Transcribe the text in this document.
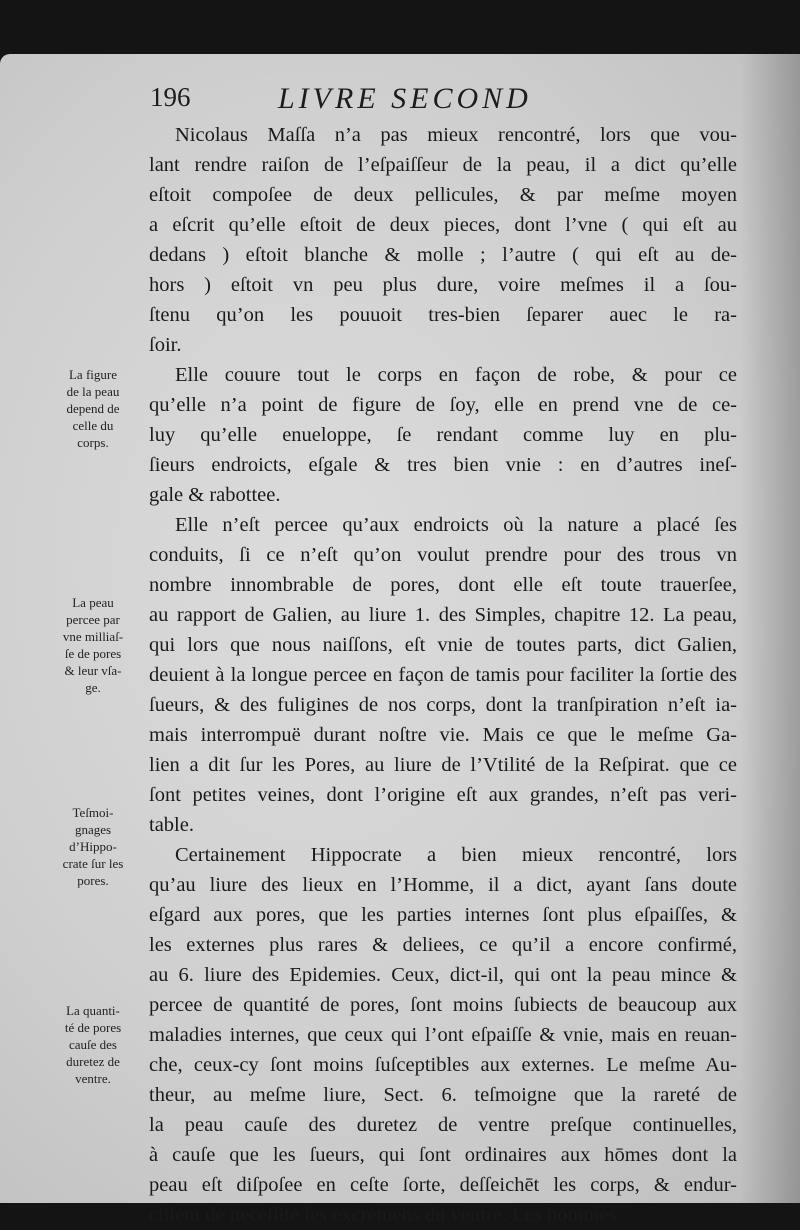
196	LIVRE SECOND
Nicolaus Maſſa n’a pas mieux rencontré, lors que vou-
lant rendre raiſon de l’eſpaiſſeur de la peau, il a dict qu’elle
eſtoit compoſee de deux pellicules, & par meſme moyen
a eſcrit qu’elle eſtoit de deux pieces, dont l’vne ( qui eſt au
dedans ) eſtoit blanche & molle ; l’autre ( qui eſt au de-
hors ) eſtoit vn peu plus dure, voire meſmes il a ſou-
ſtenu qu’on les pouuoit tres-bien ſeparer auec le ra-
ſoir.
Elle couure tout le corps en façon de robe, & pour ce
qu’elle n’a point de figure de ſoy, elle en prend vne de ce-
luy qu’elle enueloppe, ſe rendant comme luy en plu-
ſieurs endroicts, eſgale & tres bien vnie : en d’autres ineſ-
gale & rabottee.
Elle n’eſt percee qu’aux endroicts où la nature a placé ſes
conduits, ſi ce n’eſt qu’on voulut prendre pour des trous vn
nombre innombrable de pores, dont elle eſt toute trauerſee,
au rapport de Galien, au liure 1. des Simples, chapitre 12. La peau,
qui lors que nous naiſſons, eſt vnie de toutes parts, dict Galien,
deuient à la longue percee en façon de tamis pour faciliter la ſortie des
ſueurs, & des fuligines de nos corps, dont la tranſpiration n’eſt ia-
mais interrompuë durant noſtre vie. Mais ce que le meſme Ga-
lien a dit ſur les Pores, au liure de l’Vtilité de la Reſpirat. que ce
ſont petites veines, dont l’origine eſt aux grandes, n’eſt pas veri-
table.
Certainement Hippocrate a bien mieux rencontré, lors
qu’au liure des lieux en l’Homme, il a dict, ayant ſans doute
eſgard aux pores, que les parties internes ſont plus eſpaiſſes, &
les externes plus rares & deliees, ce qu’il a encore confirmé,
au 6. liure des Epidemies. Ceux, dict-il, qui ont la peau mince &
percee de quantité de pores, ſont moins ſubiects de beaucoup aux
maladies internes, que ceux qui l’ont eſpaiſſe & vnie, mais en reuan-
che, ceux-cy ſont moins ſuſceptibles aux externes. Le meſme Au-
theur, au meſme liure, Sect. 6. teſmoigne que la rareté de
la peau cauſe des duretez de ventre preſque continuelles,
à cauſe que les ſueurs, qui ſont ordinaires aux hōmes dont la
peau eſt diſpoſee en ceſte ſorte, deſſeichēt les corps, & endur-
ciſſent de neceſſité les excremens du ventre. Les hommes
La figure
de la peau
depend de
celle du
corps.
La peau
percee par
vne milliaſ-
ſe de pores
& leur vſa-
ge.
Teſmoi-
gnages
d’Hippo-
crate ſur les
pores.
La quanti-
té de pores
cauſe des
duretez de
ventre.
